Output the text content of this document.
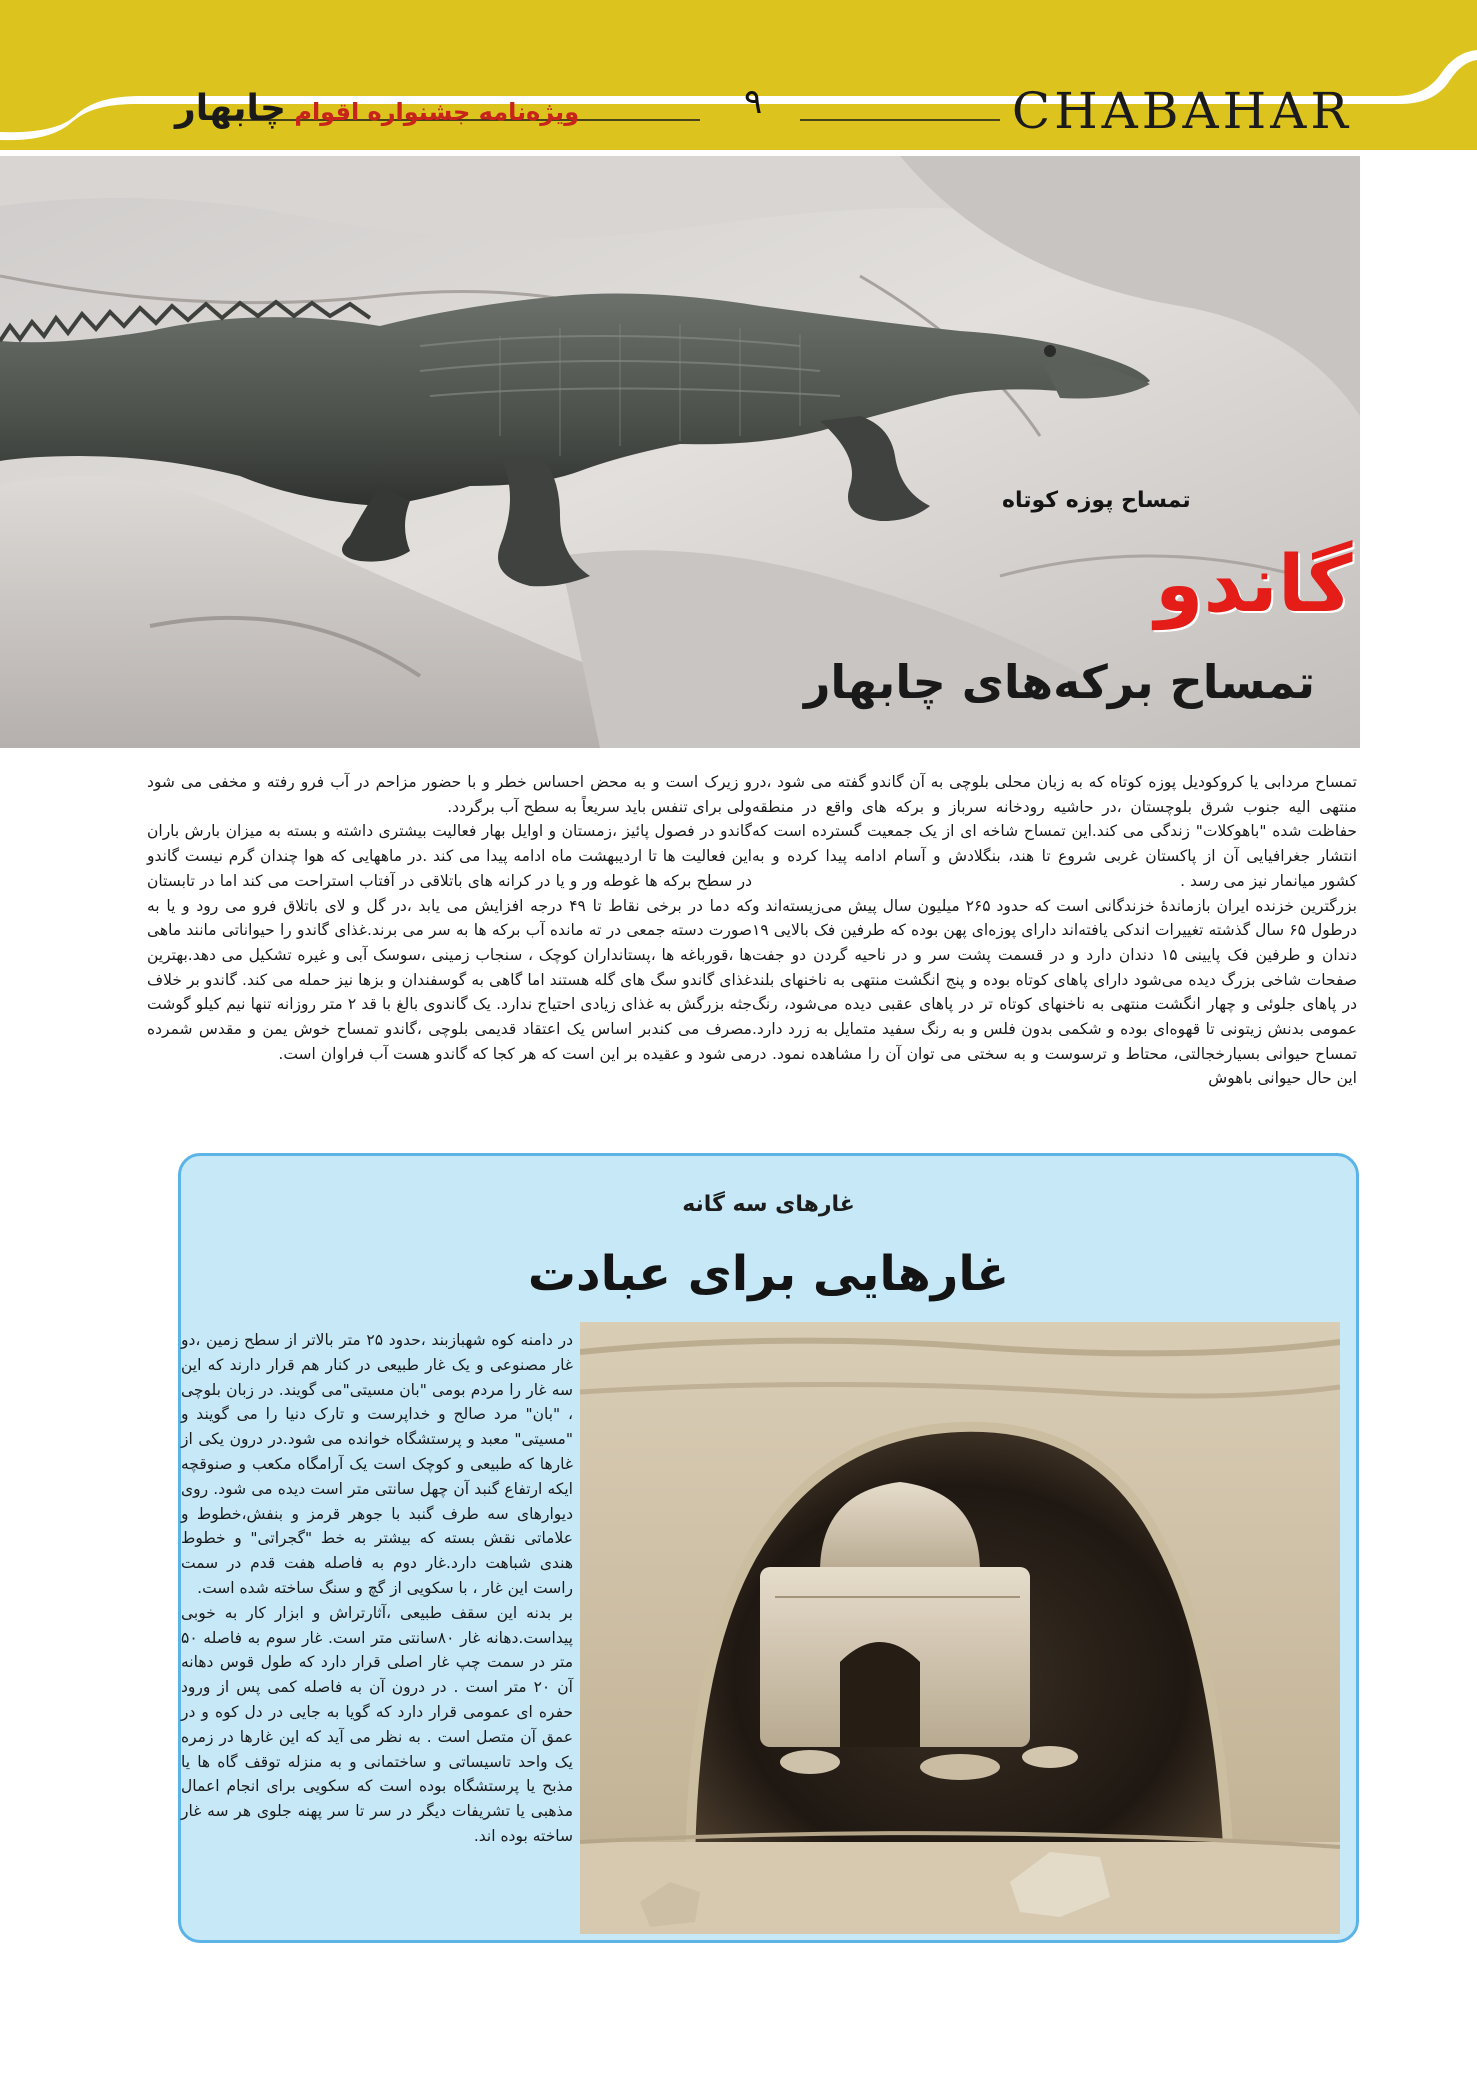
ویژه‌نامه جشنواره اقوام چابهار	۹	CHABAHAR
تمساح پوزه کوتاه
گاندو
تمساح برکه‌های چابهار

تمساح مردابی یا کروکودیل پوزه کوتاه که به زبان محلی بلوچی به آن گاندو گفته می شود ،در منتهی الیه جنوب شرق بلوچستان ،در حاشیه رودخانه سرباز و برکه های واقع در منطقه حفاظت شده "باهوکلات" زندگی می کند.این تمساح شاخه ای از یک جمعیت گسترده است که انتشار جغرافیایی آن از پاکستان غربی شروع تا هند، بنگلادش و آسام ادامه پیدا کرده و به کشور میانمار نیز می رسد .

بزرگترین خزنده ایران بازماندهٔ خزندگانی است که حدود ۲۶۵ میلیون سال پیش می‌زیسته‌اند و درطول ۶۵ سال گذشته تغییرات اندکی یافته‌اند دارای پوزه‌ای پهن بوده که طرفین فک بالایی ۱۹ دندان و طرفین فک پایینی ۱۵ دندان دارد و در قسمت پشت سر و در ناحیه گردن دو جفت صفحات شاخی بزرگ دیده می‌شود دارای پاهای کوتاه بوده و پنج انگشت منتهی به ناخنهای بلند در پاهای جلوئی و چهار انگشت منتهی به ناخنهای کوتاه تر در پاهای عقبی دیده می‌شود، رنگ عمومی بدنش زیتونی تا قهوه‌ای بوده و شکمی بدون فلس و به رنگ سفید متمایل به زرد دارد. تمساح حیوانی بسیارخجالتی، محتاط و ترسوست و به سختی می توان آن را مشاهده نمود. در این حال حیوانی باهوش

و زیرک است و به محض احساس خطر و با حضور مزاحم در آب فرو رفته و مخفی می شود ولی برای تنفس باید سریعاً به سطح آب برگردد.

گاندو در فصول پائیز ،زمستان و اوایل بهار فعالیت بیشتری داشته و بسته به میزان بارش باران این فعالیت ها تا اردیبهشت ماه ادامه پیدا می کند .در ماههایی که هوا چندان گرم نیست گاندو در سطح برکه ها غوطه ور و یا در کرانه های باتلاقی در آفتاب استراحت می کند اما در تابستان که دما در برخی نقاط تا ۴۹ درجه افزایش می یابد ،در گل و لای باتلاق فرو می رود و یا به صورت دسته جمعی در ته مانده آب برکه ها به سر می برند.غذای گاندو را حیواناتی مانند ماهی ها ،قورباغه ها ،پستانداران کوچک ، سنجاب زمینی ،سوسک آبی و غیره تشکیل می دهد.بهترین غذای گاندو سگ های گله هستند اما گاهی به گوسفندان و بزها نیز حمله می کند. گاندو بر خلاف جثه بزرگش به غذای زیادی احتیاج ندارد. یک گاندوی بالغ با قد ۲ متر روزانه تنها نیم کیلو گوشت مصرف می کندبر اساس یک اعتقاد قدیمی بلوچی ،گاندو تمساح خوش یمن و مقدس شمرده می شود و عقیده بر این است که هر کجا که گاندو هست آب فراوان است.

غارهای سه گانه
غارهایی برای عبادت

در دامنه کوه شهبازبند ،حدود ۲۵ متر بالاتر از سطح زمین ،دو غار مصنوعی و یک غار طبیعی در کنار هم قرار دارند که این سه غار را مردم بومی "بان مسیتی"می گویند. در زبان بلوچی ، "بان" مرد صالح و خداپرست و تارک دنیا را می گویند و "مسیتی" معبد و پرستشگاه خوانده می شود.در درون یکی از غارها که طبیعی و کوچک است یک آرامگاه مکعب و صنوقچه ایکه ارتفاع گنبد آن چهل سانتی متر است دیده می شود. روی دیوارهای سه طرف گنبد با جوهر قرمز و بنفش،خطوط و علاماتی نقش بسته که بیشتر به خط "گجراتی" و خطوط هندی شباهت دارد.غار دوم به فاصله هفت قدم در سمت راست این غار ، با سکویی از گچ و سنگ ساخته شده است.

بر بدنه این سقف طبیعی ،آثارتراش و ابزار کار به خوبی پیداست.دهانه غار ۸۰سانتی متر است. غار سوم به فاصله ۵۰ متر در سمت چپ غار اصلی قرار دارد که طول قوس دهانه آن ۲۰ متر است . در درون آن به فاصله کمی پس از ورود حفره ای عمومی قرار دارد که گویا به جایی در دل کوه و در عمق آن متصل است . به نظر می آید که این غارها در زمره یک واحد تاسیساتی و ساختمانی و به منزله توقف گاه ها یا مذبح یا پرستشگاه بوده است که سکویی برای انجام اعمال مذهبی یا تشریفات دیگر در سر تا سر پهنه جلوی هر سه غار ساخته بوده اند.
